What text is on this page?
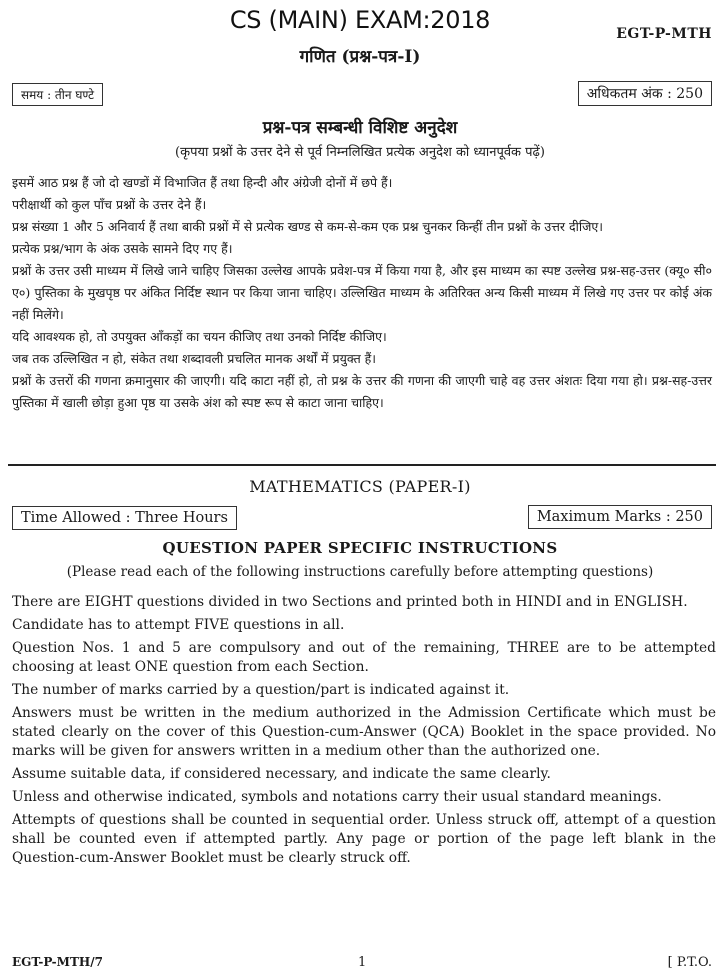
CS (MAIN) EXAM:2018	EGT-P-MTH
गणित (प्रश्न-पत्र-I)
समय : तीन घण्टे	अधिकतम अंक : 250
प्रश्न-पत्र सम्बन्धी विशिष्ट अनुदेश
(कृपया प्रश्नों के उत्तर देने से पूर्व निम्नलिखित प्रत्येक अनुदेश को ध्यानपूर्वक पढ़ें)

इसमें आठ प्रश्न हैं जो दो खण्डों में विभाजित हैं तथा हिन्दी और अंग्रेजी दोनों में छपे हैं।

परीक्षार्थी को कुल पाँच प्रश्नों के उत्तर देने हैं।

प्रश्न संख्या 1 और 5 अनिवार्य हैं तथा बाकी प्रश्नों में से प्रत्येक खण्ड से कम-से-कम एक प्रश्न चुनकर किन्हीं तीन प्रश्नों के उत्तर दीजिए।

प्रत्येक प्रश्न/भाग के अंक उसके सामने दिए गए हैं।

प्रश्नों के उत्तर उसी माध्यम में लिखे जाने चाहिए जिसका उल्लेख आपके प्रवेश-पत्र में किया गया है, और इस माध्यम का स्पष्ट उल्लेख प्रश्न-सह-उत्तर (क्यू० सी० ए०) पुस्तिका के मुखपृष्ठ पर अंकित निर्दिष्ट स्थान पर किया जाना चाहिए। उल्लिखित माध्यम के अतिरिक्त अन्य किसी माध्यम में लिखे गए उत्तर पर कोई अंक नहीं मिलेंगे।

यदि आवश्यक हो, तो उपयुक्त आँकड़ों का चयन कीजिए तथा उनको निर्दिष्ट कीजिए।

जब तक उल्लिखित न हो, संकेत तथा शब्दावली प्रचलित मानक अर्थों में प्रयुक्त हैं।

प्रश्नों के उत्तरों की गणना क्रमानुसार की जाएगी। यदि काटा नहीं हो, तो प्रश्न के उत्तर की गणना की जाएगी चाहे वह उत्तर अंशतः दिया गया हो। प्रश्न-सह-उत्तर पुस्तिका में खाली छोड़ा हुआ पृष्ठ या उसके अंश को स्पष्ट रूप से काटा जाना चाहिए।

MATHEMATICS (PAPER-I)
Time Allowed : Three Hours	Maximum Marks : 250
QUESTION PAPER SPECIFIC INSTRUCTIONS
(Please read each of the following instructions carefully before attempting questions)

There are EIGHT questions divided in two Sections and printed both in HINDI and in ENGLISH.

Candidate has to attempt FIVE questions in all.

Question Nos. 1 and 5 are compulsory and out of the remaining, THREE are to be attempted choosing at least ONE question from each Section.

The number of marks carried by a question/part is indicated against it.

Answers must be written in the medium authorized in the Admission Certificate which must be stated clearly on the cover of this Question-cum-Answer (QCA) Booklet in the space provided. No marks will be given for answers written in a medium other than the authorized one.

Assume suitable data, if considered necessary, and indicate the same clearly.

Unless and otherwise indicated, symbols and notations carry their usual standard meanings.

Attempts of questions shall be counted in sequential order. Unless struck off, attempt of a question shall be counted even if attempted partly. Any page or portion of the page left blank in the Question-cum-Answer Booklet must be clearly struck off.

EGT-P-MTH/7	1	[ P.T.O.
